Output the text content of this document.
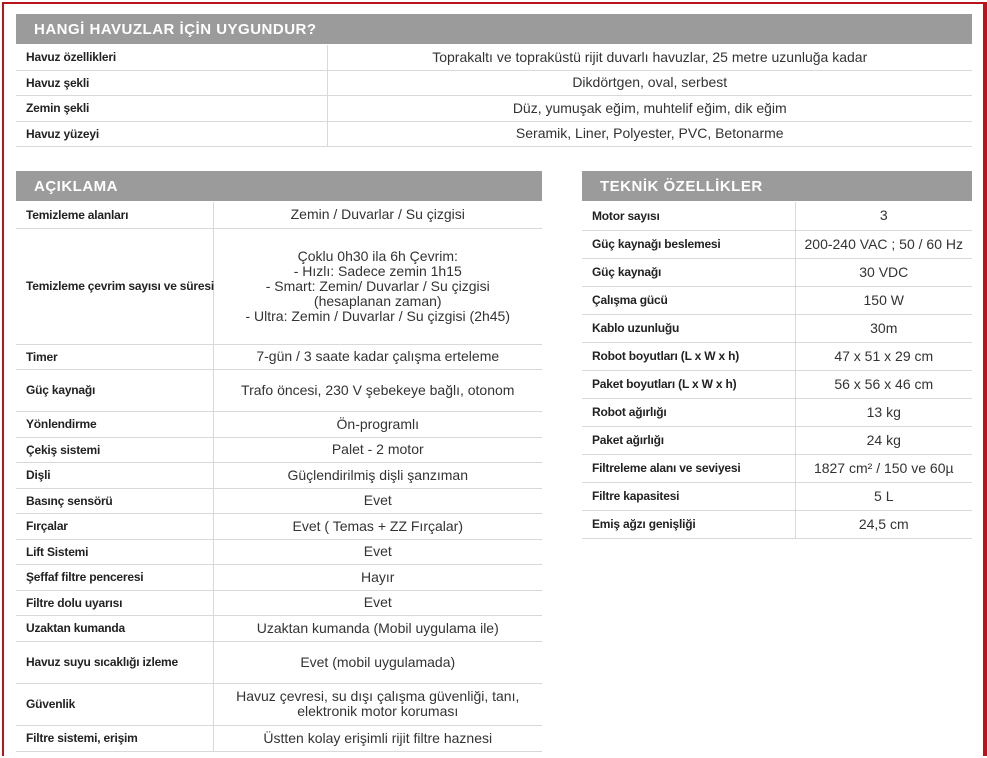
HANGİ HAVUZLAR İÇİN UYGUNDUR?
Havuz özellikleri	Toprakaltı ve topraküstü rijit duvarlı havuzlar, 25 metre uzunluğa kadar
Havuz şekli	Dikdörtgen, oval, serbest
Zemin şekli	Düz, yumuşak eğim, muhtelif eğim, dik eğim
Havuz yüzeyi	Seramik, Liner, Polyester, PVC, Betonarme
AÇIKLAMA
Temizleme alanları	Zemin / Duvarlar / Su çizgisi
Temizleme çevrim sayısı ve süresi	Çoklu 0h30 ila 6h Çevrim:
- Hızlı: Sadece zemin 1h15
- Smart: Zemin/ Duvarlar / Su çizgisi
(hesaplanan zaman)
- Ultra: Zemin / Duvarlar / Su çizgisi (2h45)
Timer	7-gün / 3 saate kadar çalışma erteleme
Güç kaynağı	Trafo öncesi, 230 V şebekeye bağlı, otonom
Yönlendirme	Ön-programlı
Çekiş sistemi	Palet - 2 motor
Dişli	Güçlendirilmiş dişli şanzıman
Basınç sensörü	Evet
Fırçalar	Evet ( Temas + ZZ Fırçalar)
Lift Sistemi	Evet
Şeffaf filtre penceresi	Hayır
Filtre dolu uyarısı	Evet
Uzaktan kumanda	Uzaktan kumanda (Mobil uygulama ile)
Havuz suyu sıcaklığı izleme	Evet (mobil uygulamada)
Güvenlik	Havuz çevresi, su dışı çalışma güvenliği, tanı,
elektronik motor koruması
Filtre sistemi, erişim	Üstten kolay erişimli rijit filtre haznesi
TEKNİK ÖZELLİKLER
Motor sayısı	3
Güç kaynağı beslemesi	200-240 VAC ; 50 / 60 Hz
Güç kaynağı	30 VDC
Çalışma gücü	150 W
Kablo uzunluğu	30m
Robot boyutları (L x W x h)	47 x 51 x 29 cm
Paket boyutları (L x W x h)	56 x 56 x 46 cm
Robot ağırlığı	13 kg
Paket ağırlığı	24 kg
Filtreleme alanı ve seviyesi	1827 cm² / 150 ve 60µ
Filtre kapasitesi	5 L
Emiş ağzı genişliği	24,5 cm
